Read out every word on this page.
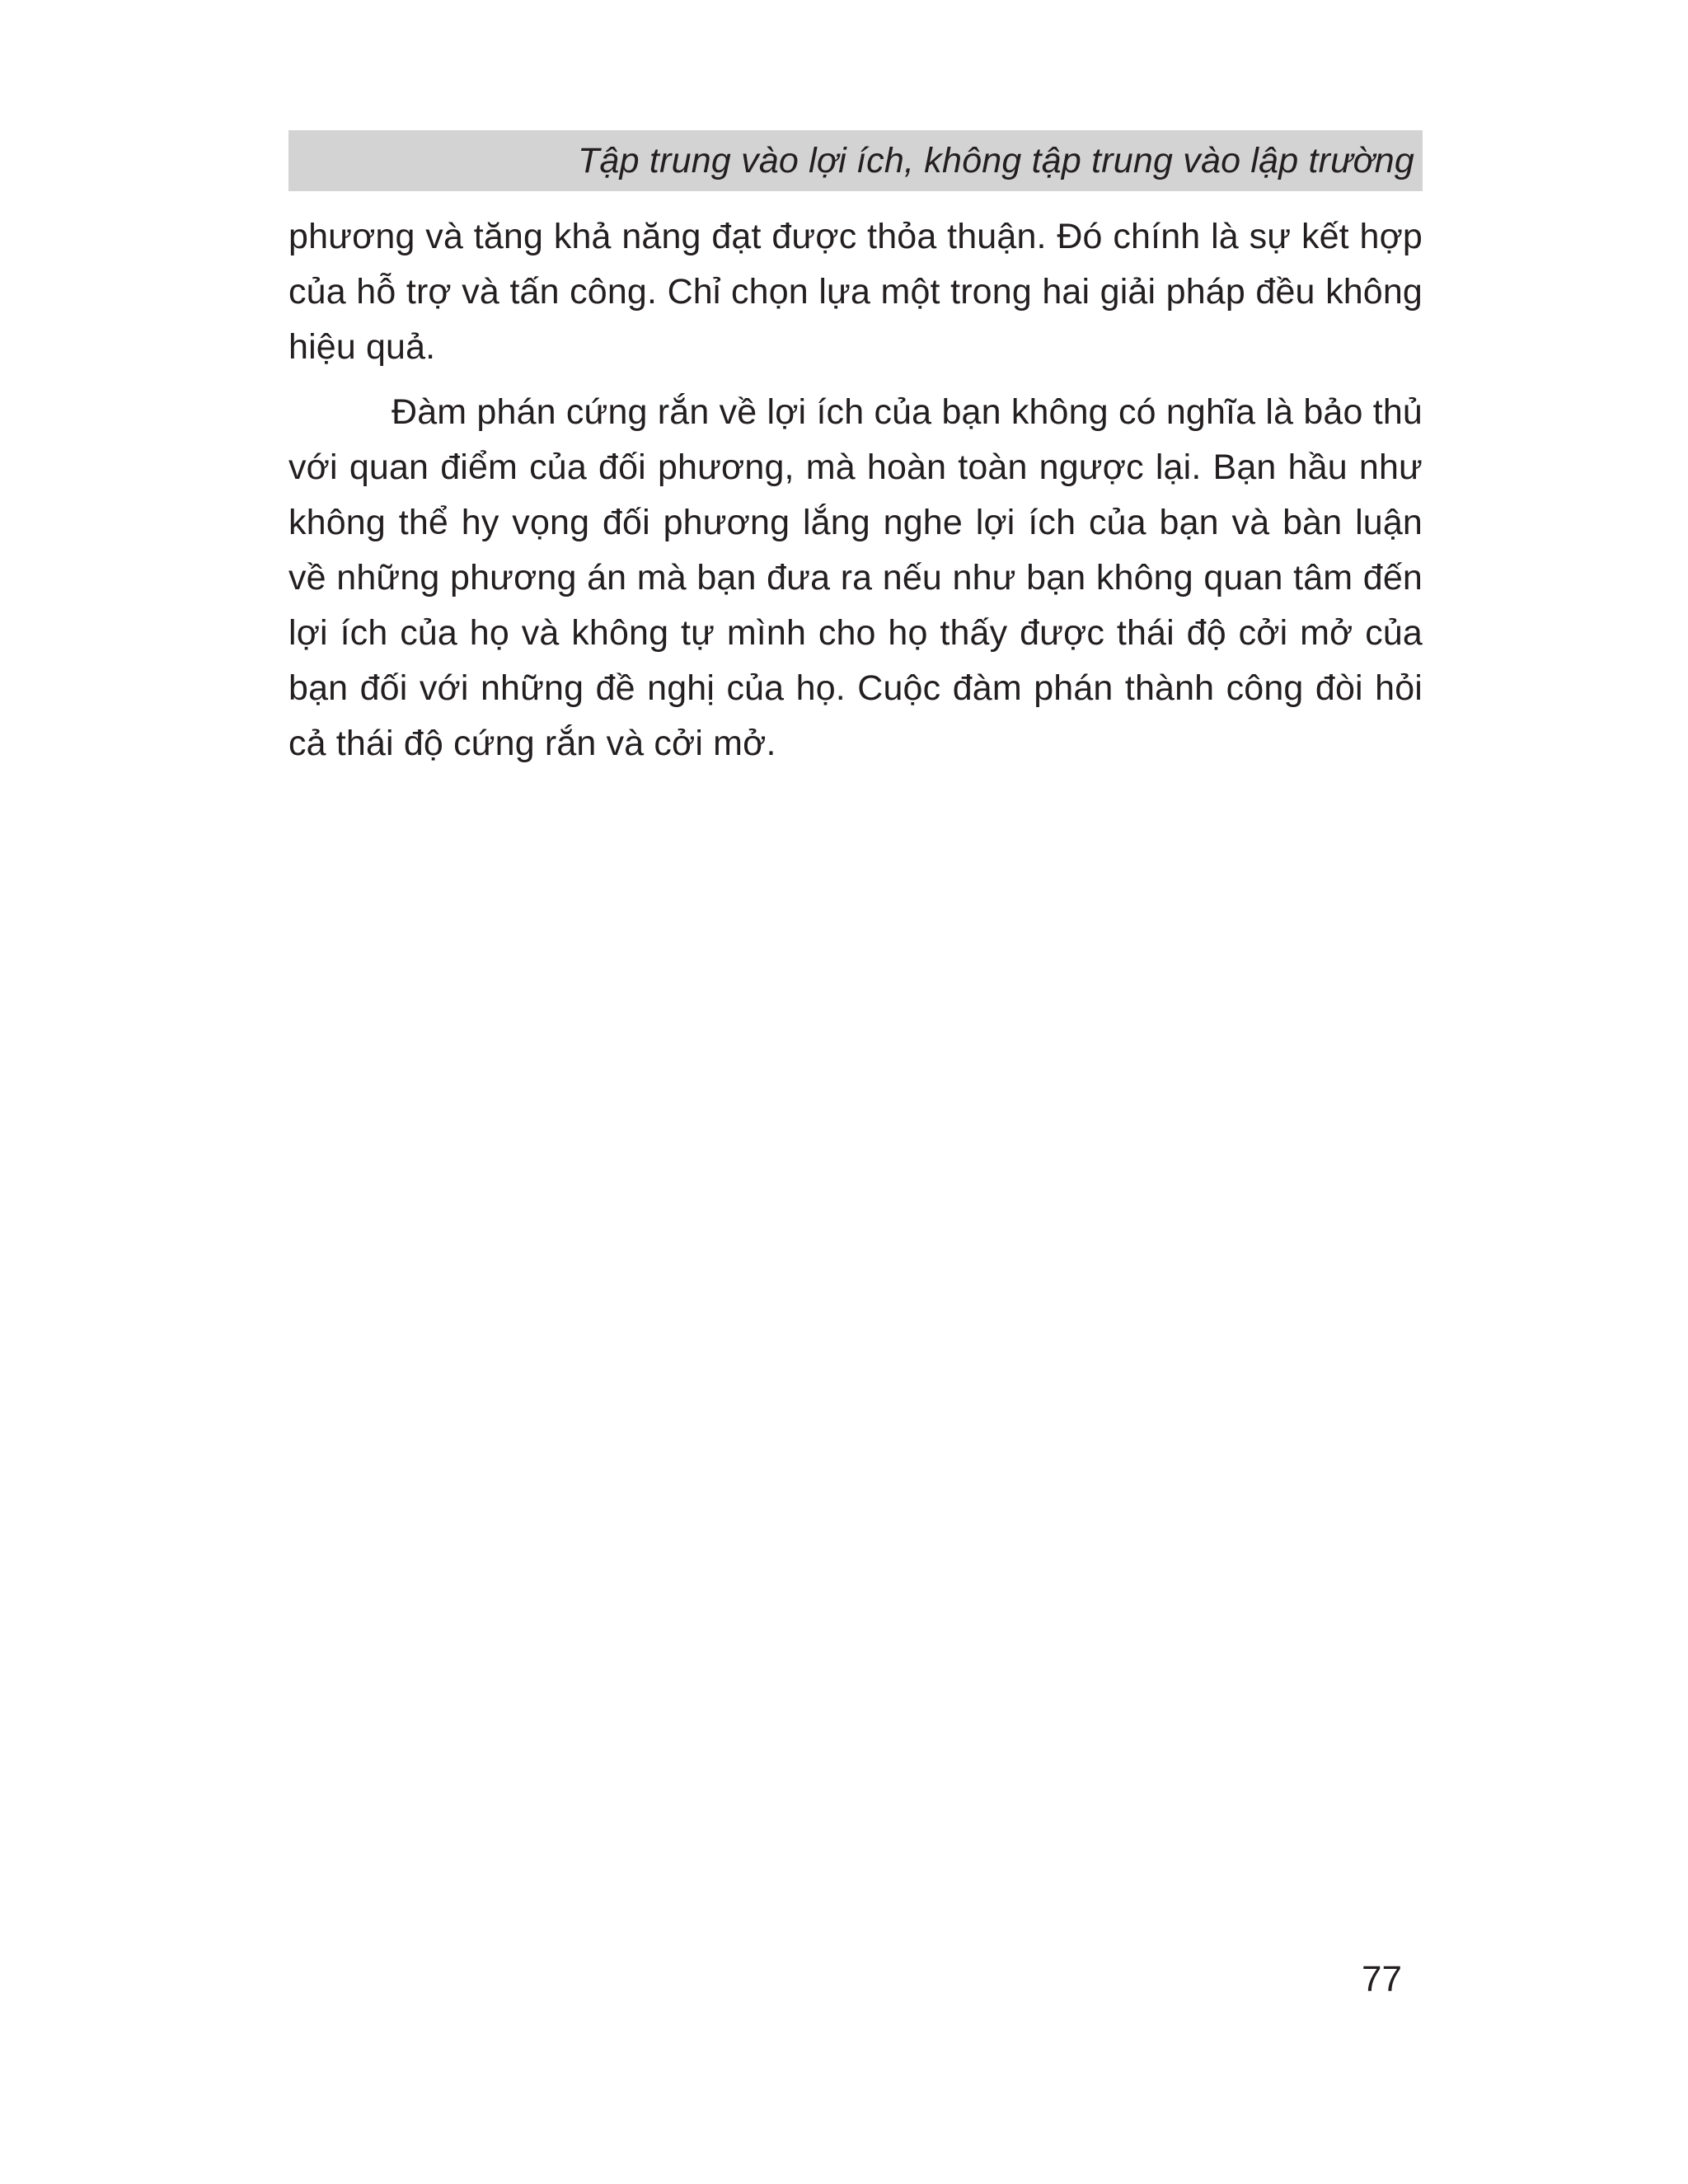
Tập trung vào lợi ích, không tập trung vào lập trường

phương và tăng khả năng đạt được thỏa thuận. Đó chính là sự kết hợp của hỗ trợ và tấn công. Chỉ chọn lựa một trong hai giải pháp đều không hiệu quả.

Đàm phán cứng rắn về lợi ích của bạn không có nghĩa là bảo thủ với quan điểm của đối phương, mà hoàn toàn ngược lại. Bạn hầu như không thể hy vọng đối phương lắng nghe lợi ích của bạn và bàn luận về những phương án mà bạn đưa ra nếu như bạn không quan tâm đến lợi ích của họ và không tự mình cho họ thấy được thái độ cởi mở của bạn đối với những đề nghị của họ. Cuộc đàm phán thành công đòi hỏi cả thái độ cứng rắn và cởi mở.

77
